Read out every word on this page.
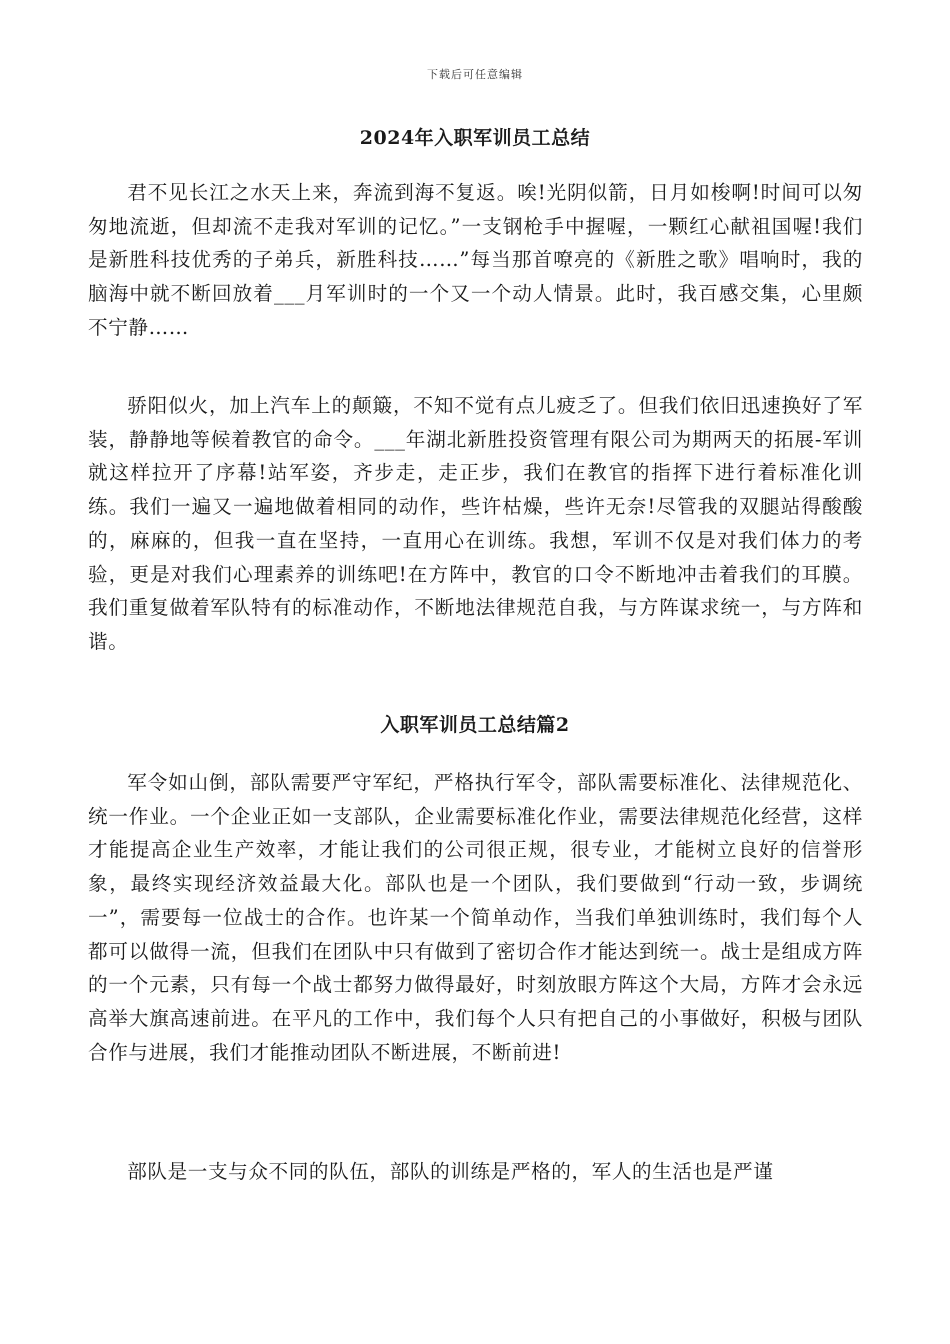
下载后可任意编辑
2024年入职军训员工总结

君不见长江之水天上来，奔流到海不复返。唉!光阴似箭，日月如梭啊!时间可以匆匆地流逝，但却流不走我对军训的记忆。”一支钢枪手中握喔，一颗红心献祖国喔!我们是新胜科技优秀的子弟兵，新胜科技……”每当那首嘹亮的《新胜之歌》唱响时，我的脑海中就不断回放着___月军训时的一个又一个动人情景。此时，我百感交集，心里颇不宁静……

骄阳似火，加上汽车上的颠簸，不知不觉有点儿疲乏了。但我们依旧迅速换好了军装，静静地等候着教官的命令。___年湖北新胜投资管理有限公司为期两天的拓展-军训就这样拉开了序幕!站军姿，齐步走，走正步，我们在教官的指挥下进行着标准化训练。我们一遍又一遍地做着相同的动作，些许枯燥，些许无奈!尽管我的双腿站得酸酸的，麻麻的，但我一直在坚持，一直用心在训练。我想，军训不仅是对我们体力的考验，更是对我们心理素养的训练吧!在方阵中，教官的口令不断地冲击着我们的耳膜。我们重复做着军队特有的标准动作，不断地法律规范自我，与方阵谋求统一，与方阵和谐。

入职军训员工总结篇2

军令如山倒，部队需要严守军纪，严格执行军令，部队需要标准化、法律规范化、统一作业。一个企业正如一支部队，企业需要标准化作业，需要法律规范化经营，这样才能提高企业生产效率，才能让我们的公司很正规，很专业，才能树立良好的信誉形象，最终实现经济效益最大化。部队也是一个团队，我们要做到“行动一致，步调统一”，需要每一位战士的合作。也许某一个简单动作，当我们单独训练时，我们每个人都可以做得一流，但我们在团队中只有做到了密切合作才能达到统一。战士是组成方阵的一个元素，只有每一个战士都努力做得最好，时刻放眼方阵这个大局，方阵才会永远高举大旗高速前进。在平凡的工作中，我们每个人只有把自己的小事做好，积极与团队合作与进展，我们才能推动团队不断进展，不断前进!

部队是一支与众不同的队伍，部队的训练是严格的，军人的生活也是严谨
